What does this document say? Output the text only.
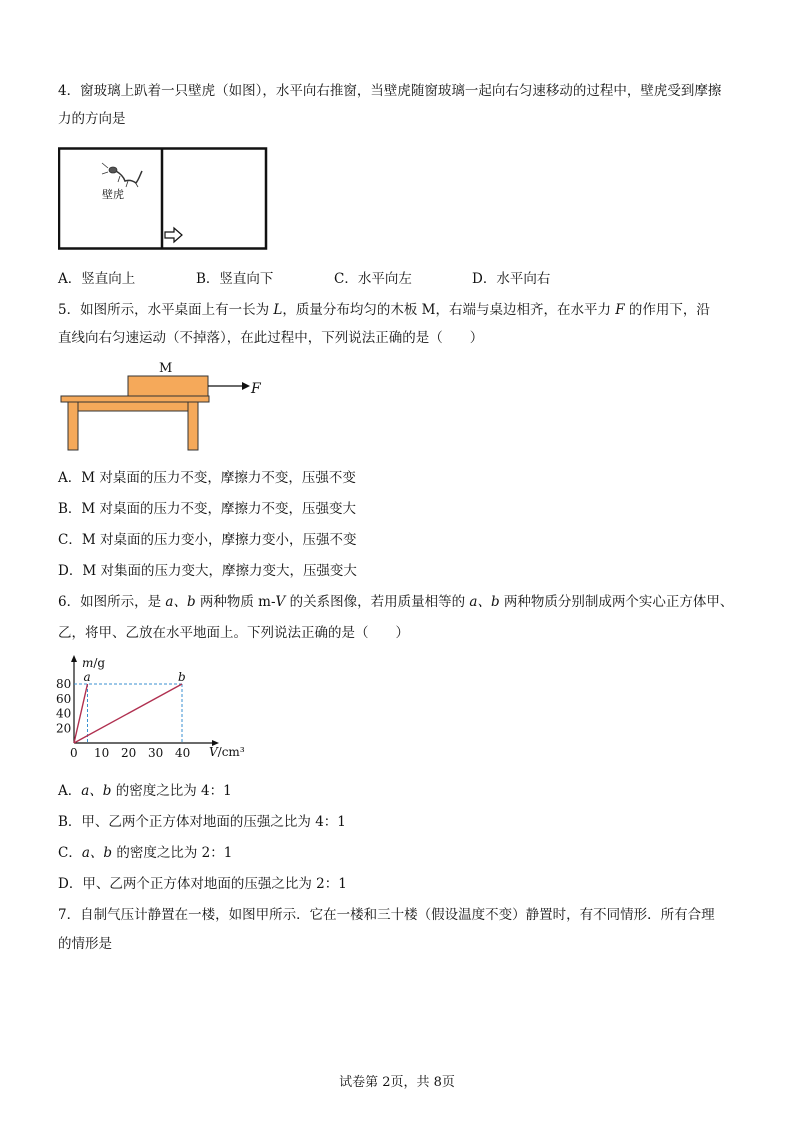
4．窗玻璃上趴着一只壁虎（如图），水平向右推窗，当壁虎随窗玻璃一起向右匀速移动的过程中，壁虎受到摩擦
力的方向是
壁虎
A．竖直向上	B．竖直向下	C．水平向左	D．水平向右
5．如图所示，水平桌面上有一长为 L，质量分布均匀的木板 M，右端与桌边相齐，在水平力 F 的作用下，沿
直线向右匀速运动（不掉落），在此过程中，下列说法正确的是（　　）
M
F
A．M 对桌面的压力不变，摩擦力不变，压强不变
B．M 对桌面的压力不变，摩擦力不变，压强变大
C．M 对桌面的压力变小，摩擦力变小，压强不变
D．M 对集面的压力变大，摩擦力变大，压强变大
6．如图所示，是 a、b 两种物质 m-V 的关系图像，若用质量相等的 a、b 两种物质分别制成两个实心正方体甲、
乙，将甲、乙放在水平地面上。下列说法正确的是（　　）
m/g
V/cm³
a	b
0 10 20 30 40
20
40
60
80
A．a、b 的密度之比为 4：1
B．甲、乙两个正方体对地面的压强之比为 4：1
C．a、b 的密度之比为 2：1
D．甲、乙两个正方体对地面的压强之比为 2：1
7．自制气压计静置在一楼，如图甲所示．它在一楼和三十楼（假设温度不变）静置时，有不同情形．所有合理
的情形是
试卷第 2页，共 8页
